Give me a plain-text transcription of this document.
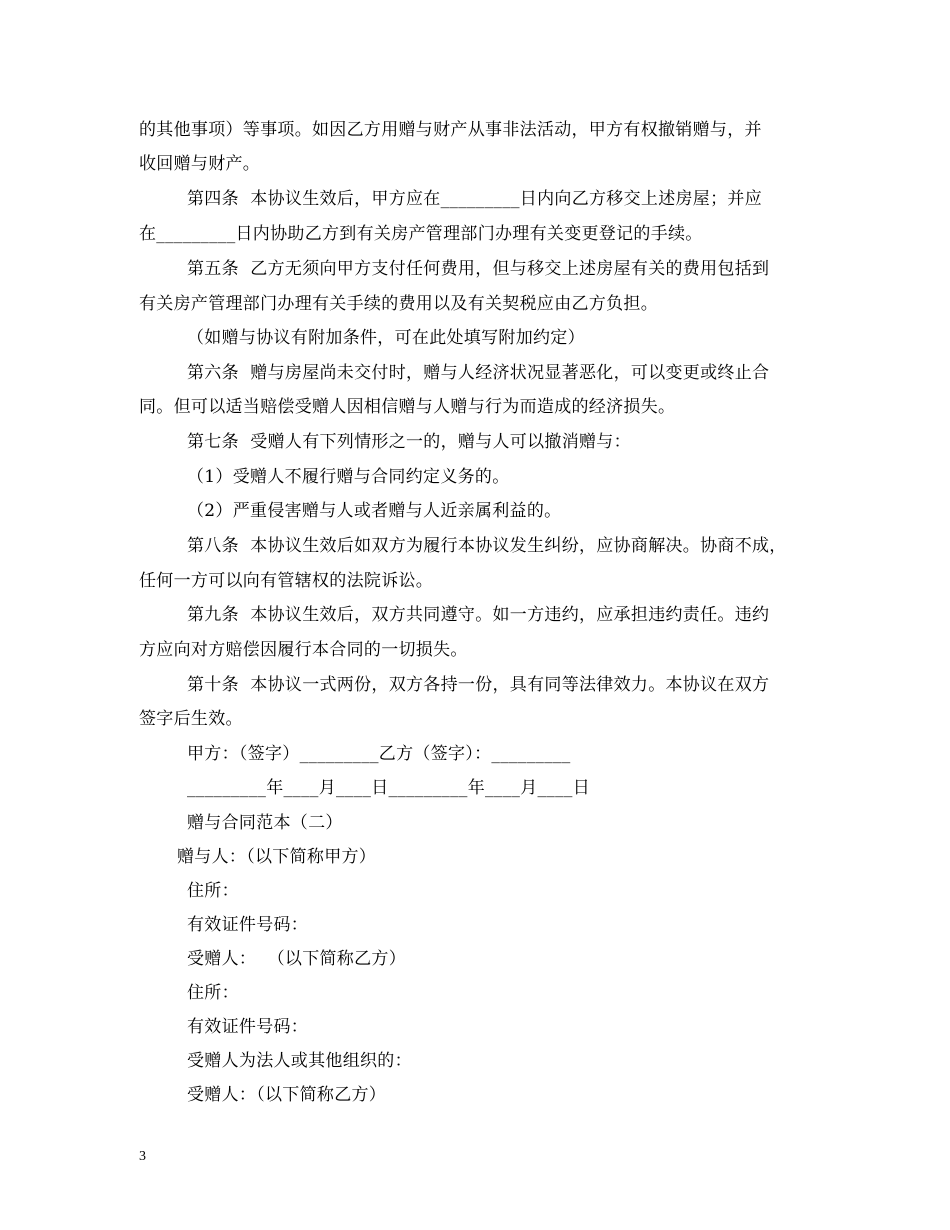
的其他事项）等事项。如因乙方用赠与财产从事非法活动，甲方有权撤销赠与，并
收回赠与财产。
第四条  本协议生效后，甲方应在_________日内向乙方移交上述房屋；并应
在_________日内协助乙方到有关房产管理部门办理有关变更登记的手续。
第五条  乙方无须向甲方支付任何费用，但与移交上述房屋有关的费用包括到
有关房产管理部门办理有关手续的费用以及有关契税应由乙方负担。
（如赠与协议有附加条件，可在此处填写附加约定）
第六条  赠与房屋尚未交付时，赠与人经济状况显著恶化，可以变更或终止合
同。但可以适当赔偿受赠人因相信赠与人赠与行为而造成的经济损失。
第七条  受赠人有下列情形之一的，赠与人可以撤消赠与：
（1）受赠人不履行赠与合同约定义务的。
（2）严重侵害赠与人或者赠与人近亲属利益的。
第八条  本协议生效后如双方为履行本协议发生纠纷，应协商解决。协商不成，
任何一方可以向有管辖权的法院诉讼。
第九条  本协议生效后，双方共同遵守。如一方违约，应承担违约责任。违约
方应向对方赔偿因履行本合同的一切损失。
第十条  本协议一式两份，双方各持一份，具有同等法律效力。本协议在双方
签字后生效。
甲方：（签字）_________乙方（签字）：_________
_________年____月____日_________年____月____日
赠与合同范本（二）
赠与人：（以下简称甲方）
住所：
有效证件号码：
受赠人：  （以下简称乙方）
住所：
有效证件号码：
受赠人为法人或其他组织的：
受赠人：（以下简称乙方）
3
